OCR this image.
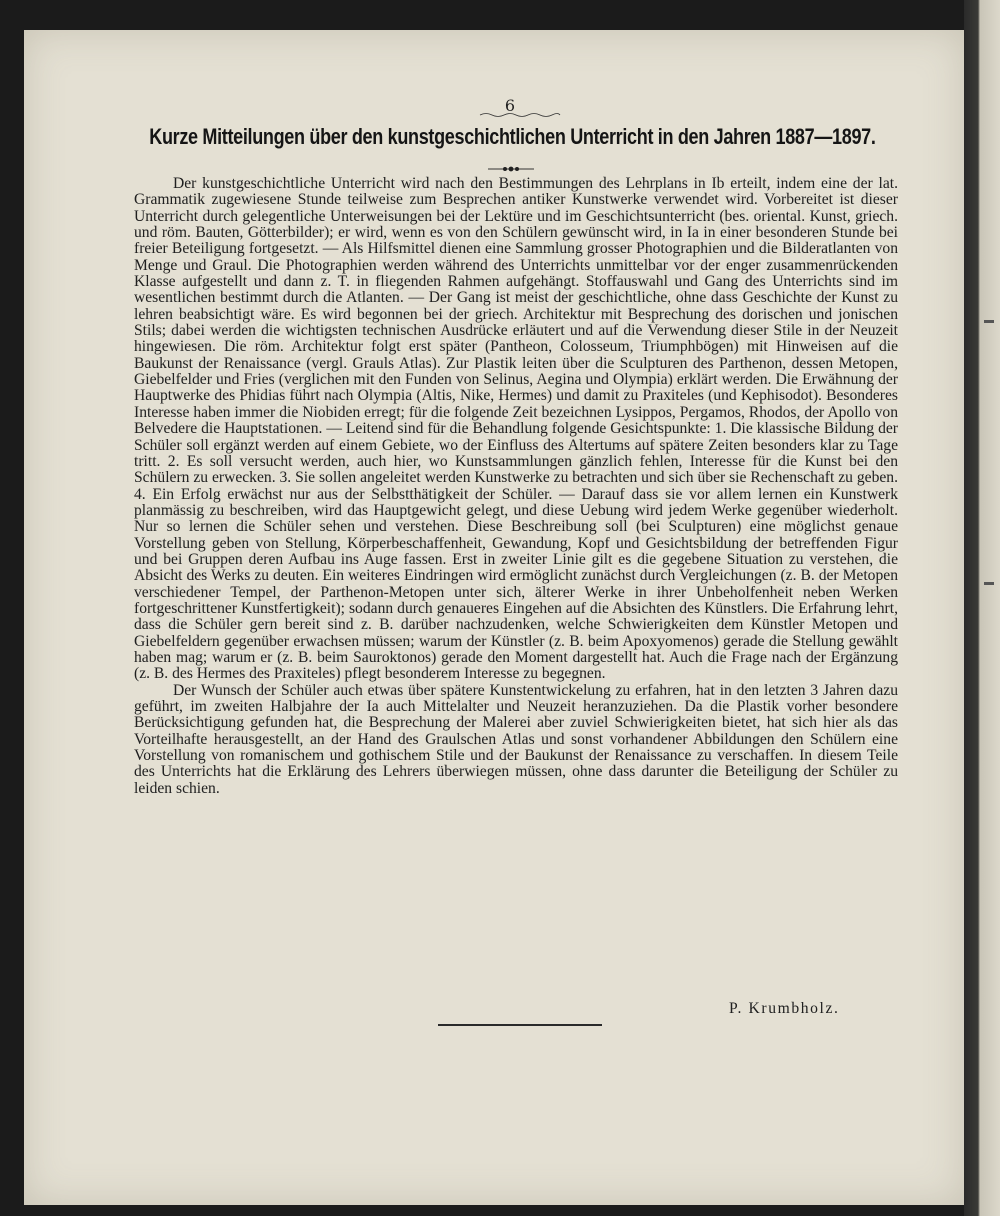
6
Kurze Mitteilungen über den kunstgeschichtlichen Unterricht in den Jahren 1887—1897.

Der kunstgeschichtliche Unterricht wird nach den Bestimmungen des Lehrplans in Ib erteilt, indem eine der lat. Grammatik zugewiesene Stunde teilweise zum Besprechen antiker Kunstwerke verwendet wird. Vorbereitet ist dieser Unterricht durch gelegentliche Unterweisungen bei der Lektüre und im Geschichtsunterricht (bes. oriental. Kunst, griech. und röm. Bauten, Götterbilder); er wird, wenn es von den Schülern gewünscht wird, in Ia in einer besonderen Stunde bei freier Beteiligung fortgesetzt. — Als Hilfsmittel dienen eine Sammlung grosser Photographien und die Bilderatlanten von Menge und Graul. Die Photographien werden während des Unterrichts unmittelbar vor der enger zusammenrückenden Klasse aufgestellt und dann z. T. in fliegenden Rahmen aufgehängt. Stoffauswahl und Gang des Unterrichts sind im wesentlichen bestimmt durch die Atlanten. — Der Gang ist meist der geschichtliche, ohne dass Geschichte der Kunst zu lehren beabsichtigt wäre. Es wird begonnen bei der griech. Architektur mit Besprechung des dorischen und jonischen Stils; dabei werden die wichtigsten technischen Ausdrücke erläutert und auf die Verwendung dieser Stile in der Neuzeit hingewiesen. Die röm. Architektur folgt erst später (Pantheon, Colosseum, Triumphbögen) mit Hinweisen auf die Baukunst der Renaissance (vergl. Grauls Atlas). Zur Plastik leiten über die Sculpturen des Parthenon, dessen Metopen, Giebelfelder und Fries (verglichen mit den Funden von Selinus, Aegina und Olympia) erklärt werden. Die Erwähnung der Hauptwerke des Phidias führt nach Olympia (Altis, Nike, Hermes) und damit zu Praxiteles (und Kephisodot). Besonderes Interesse haben immer die Niobiden erregt; für die folgende Zeit bezeichnen Lysippos, Pergamos, Rhodos, der Apollo von Belvedere die Hauptstationen. — Leitend sind für die Behandlung folgende Gesichtspunkte: 1. Die klassische Bildung der Schüler soll ergänzt werden auf einem Gebiete, wo der Einfluss des Altertums auf spätere Zeiten besonders klar zu Tage tritt. 2. Es soll versucht werden, auch hier, wo Kunstsammlungen gänzlich fehlen, Interesse für die Kunst bei den Schülern zu erwecken. 3. Sie sollen angeleitet werden Kunstwerke zu betrachten und sich über sie Rechenschaft zu geben. 4. Ein Erfolg erwächst nur aus der Selbstthätigkeit der Schüler. — Darauf dass sie vor allem lernen ein Kunstwerk planmässig zu beschreiben, wird das Hauptgewicht gelegt, und diese Uebung wird jedem Werke gegenüber wiederholt. Nur so lernen die Schüler sehen und verstehen. Diese Beschreibung soll (bei Sculpturen) eine möglichst genaue Vorstellung geben von Stellung, Körperbeschaffenheit, Gewandung, Kopf und Gesichtsbildung der betreffenden Figur und bei Gruppen deren Aufbau ins Auge fassen. Erst in zweiter Linie gilt es die gegebene Situation zu verstehen, die Absicht des Werks zu deuten. Ein weiteres Eindringen wird ermöglicht zunächst durch Vergleichungen (z. B. der Metopen verschiedener Tempel, der Parthenon-Metopen unter sich, älterer Werke in ihrer Unbeholfenheit neben Werken fortgeschrittener Kunstfertigkeit); sodann durch genaueres Eingehen auf die Absichten des Künstlers. Die Erfahrung lehrt, dass die Schüler gern bereit sind z. B. darüber nachzudenken, welche Schwierigkeiten dem Künstler Metopen und Giebelfeldern gegenüber erwachsen müssen; warum der Künstler (z. B. beim Apoxyomenos) gerade die Stellung gewählt haben mag; warum er (z. B. beim Sauroktonos) gerade den Moment dargestellt hat. Auch die Frage nach der Ergänzung (z. B. des Hermes des Praxiteles) pflegt besonderem Interesse zu begegnen.

Der Wunsch der Schüler auch etwas über spätere Kunstentwickelung zu erfahren, hat in den letzten 3 Jahren dazu geführt, im zweiten Halbjahre der Ia auch Mittelalter und Neuzeit heranzuziehen. Da die Plastik vorher besondere Berücksichtigung gefunden hat, die Besprechung der Malerei aber zuviel Schwierigkeiten bietet, hat sich hier als das Vorteilhafte herausgestellt, an der Hand des Graulschen Atlas und sonst vorhandener Abbildungen den Schülern eine Vorstellung von romanischem und gothischem Stile und der Baukunst der Renaissance zu verschaffen. In diesem Teile des Unterrichts hat die Erklärung des Lehrers überwiegen müssen, ohne dass darunter die Beteiligung der Schüler zu leiden schien.

P. Krumbholz.
